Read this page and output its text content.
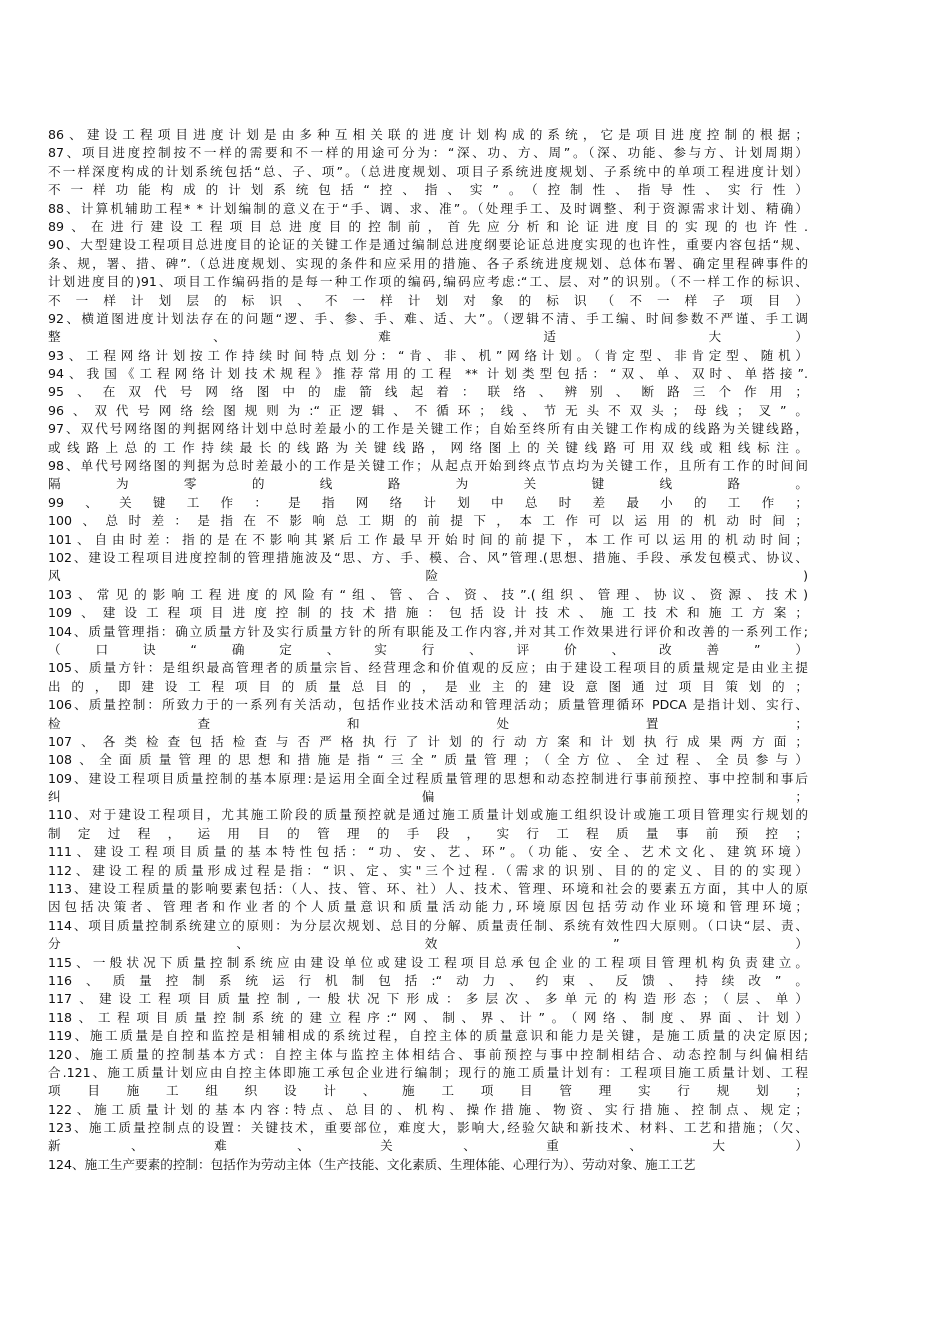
86、建设工程项目进度计划是由多种互相关联的进度计划构成的系统，它是项目进度控制的根据；
87、项目进度控制按不一样的需要和不一样的用途可分为：“深、功、方、周”。（深、功能、参与方、计划周期）
不一样深度构成的计划系统包括“总、子、项”。（总进度规划、项目子系统进度规划、子系统中的单项工程进度计划）
不一样功能构成的计划系统包括“控、指、实”。（控制性、指导性、实行性）
88、计算机辅助工程* * 计划编制的意义在于“手、调、求、准”。（处理手工、及时调整、利于资源需求计划、精确）
89、在进行建设工程项目总进度目的控制前，首先应分析和论证进度目的实现的也许性.
90、大型建设工程项目总进度目的论证的关键工作是通过编制总进度纲要论证总进度实现的也许性，重要内容包括“规、
条、规，署、措、碑”.（总进度规划、实现的条件和应采用的措施、各子系统进度规划、总体布署、确定里程碑事件的
计划进度目的)91、项目工作编码指的是每一种工作项的编码,编码应考虑:“工、层、对”的识别。（不一样工作的标识、
不一样计划层的标识、不一样计划对象的标识（不一样子项目）
92、横道图进度计划法存在的问题“逻、手、参、手、难、适、大”。（逻辑不清、手工编、时间参数不严谨、手工调
整 、 难 适 大）
93、工程网络计划按工作持续时间特点划分：“肯、非、机”网络计划。（肯定型、非肯定型、随机）
94、我国《工程网络计划技术规程》推荐常用的工程 ** 计划类型包括：“双、单、双时、单搭接”.
95、在双代号网络图中的虚箭线起着：联络、辨别、断路三个作用；
96、双代号网络绘图规则为:“正逻辑、不循环；线、节无头不双头；母线；叉”。
97、双代号网络图的判据网络计划中总时差最小的工作是关键工作；自始至终所有由关键工作构成的线路为关键线路，
或线路上总的工作持续最长的线路为关键线路，网络图上的关键线路可用双线或粗线标注。
98、单代号网络图的判据为总时差最小的工作是关键工作；从起点开始到终点节点均为关键工作，且所有工作的时间间
隔为零的线路为关键线路。
99、关键工作：是指网络计划中总时差最小的工作；
100、总时差：是指在不影响总工期的前提下，本工作可以运用的机动时间；
101、自由时差：指的是在不影响其紧后工作最早开始时间的前提下，本工作可以运用的机动时间；
102、建设工程项目进度控制的管理措施波及“思、方、手、模、合、风”管理.(思想、措施、手段、承发包模式、协议、
风险)
103、常见的影响工程进度的风险有“组、管、合、资、技”.(组织、管理、协议、资源、技术)
109、建设工程项目进度控制的技术措施：包括设计技术、施工技术和施工方案；
104、质量管理指：确立质量方针及实行质量方针的所有职能及工作内容,并对其工作效果进行评价和改善的一系列工作;
（口诀“确定、实行、评价、改善”）
105、质量方针：是组织最高管理者的质量宗旨、经营理念和价值观的反应；由于建设工程项目的质量规定是由业主提
出的，即建设工程项目的质量总目的，是业主的建设意图通过项目策划的；
106、质量控制：所致力于的一系列有关活动，包括作业技术活动和管理活动；质量管理循环 PDCA 是指计划、实行、
检查和处置；
107、各类检查包括检查与否严格执行了计划的行动方案和计划执行成果两方面；
108、全面质量管理的思想和措施是指“三全”质量管理；（全方位、全过程、全员参与）
109、建设工程项目质量控制的基本原理:是运用全面全过程质量管理的思想和动态控制进行事前预控、事中控制和事后
纠偏；
110、对于建设工程项目，尤其施工阶段的质量预控就是通过施工质量计划或施工组织设计或施工项目管理实行规划的
制定过程，运用目的管理的手段，实行工程质量事前预控；
111、建设工程项目质量的基本特性包括：“功、安、艺、环”。（功能、安全、艺术文化、建筑环境）
112、建设工程的质量形成过程是指：“识、定、实"三个过程.（需求的识别、目的的定义、目的的实现）
113、建设工程质量的影响要素包括:（人、技、管、环、社）人、技术、管理、环境和社会的要素五方面，其中人的原
因包括决策者、管理者和作业者的个人质量意识和质量活动能力,环境原因包括劳动作业环境和管理环境；
114、项目质量控制系统建立的原则：为分层次规划、总目的分解、质量责任制、系统有效性四大原则。（口诀“层、责、
分、效”）
115、一般状况下质量控制系统应由建设单位或建设工程项目总承包企业的工程项目管理机构负责建立。
116、质量控制系统运行机制包括:“动力、约束、反馈、持续改”。
117、建设工程项目质量控制,一般状况下形成：多层次、多单元的构造形态；（层、单）
118、工程项目质量控制系统的建立程序:“网、制、界、计”。（网络、制度、界面、计划）
119、施工质量是自控和监控是相辅相成的系统过程，自控主体的质量意识和能力是关键，是施工质量的决定原因;
120、施工质量的控制基本方式：自控主体与监控主体相结合、事前预控与事中控制相结合、动态控制与纠偏相结
合.121、施工质量计划应由自控主体即施工承包企业进行编制；现行的施工质量计划有：工程项目施工质量计划、工程
项目施工组织设计、施工项目管理实行规划；
122、施工质量计划的基本内容:特点、总目的、机构、操作措施、物资、实行措施、控制点、规定；
123、施工质量控制点的设置：关键技术，重要部位，难度大，影响大,经验欠缺和新技术、材料、工艺和措施；（欠、
新、难、关、重、大）
124、施工生产要素的控制：包括作为劳动主体（生产技能、文化素质、生理体能、心理行为）、劳动对象、施工工艺
